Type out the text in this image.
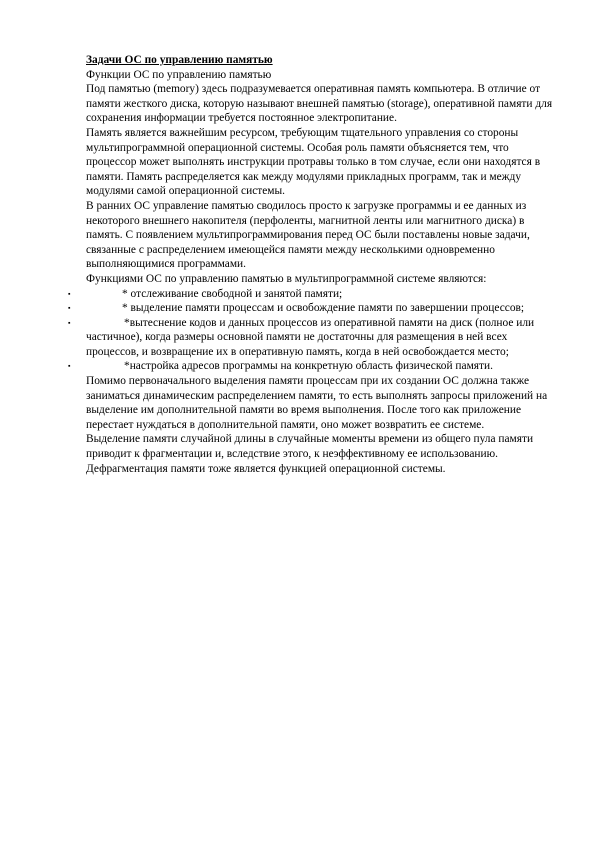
Задачи ОС по управлению памятью

Функции ОС по управлению памятью

Под памятью (memory) здесь подразумевается оперативная память компьютера. В отличие от памяти жесткого диска, которую называют внешней памятью (storage), оперативной памяти для сохранения информации требуется постоянное электропитание.

Память является важнейшим ресурсом, требующим тщательного управления со стороны мультипрограммной операционной системы. Особая роль памяти объясняется тем, что процессор может выполнять инструкции протравы только в том случае, если они находятся в памяти. Память распределяется как между модулями прикладных программ, так и между модулями самой операционной системы.

В ранних ОС управление памятью сводилось просто к загрузке программы и ее данных из некоторого внешнего накопителя (перфоленты, магнитной ленты или магнитного диска) в память. С появлением мультипрограммирования перед ОС были поставлены новые задачи, связанные с распределением имеющейся памяти между несколькими одновременно выполняющимися программами.

Функциями ОС по управлению памятью в мультипрограммной системе являются:

▪	* отслеживание свободной и занятой памяти;
▪	* выделение памяти процессам и освобождение памяти по завершении процессов;
▪	*вытеснение кодов и данных процессов из оперативной памяти на диск (полное или частичное), когда размеры основной памяти не достаточны для размещения в ней всех процессов, и возвращение их в оперативную память, когда в ней освобождается место;
▪	*настройка адресов программы на конкретную область физической памяти.

Помимо первоначального выделения памяти процессам при их создании ОС должна также заниматься динамическим распределением памяти, то есть выполнять запросы приложений на выделение им дополнительной памяти во время выполнения. После того как приложение перестает нуждаться в дополнительной памяти, оно может возвратить ее системе.

Выделение памяти случайной длины в случайные моменты времени из общего пула памяти приводит к фрагментации и, вследствие этого, к неэффективному ее использованию.

Дефрагментация памяти тоже является функцией операционной системы.
